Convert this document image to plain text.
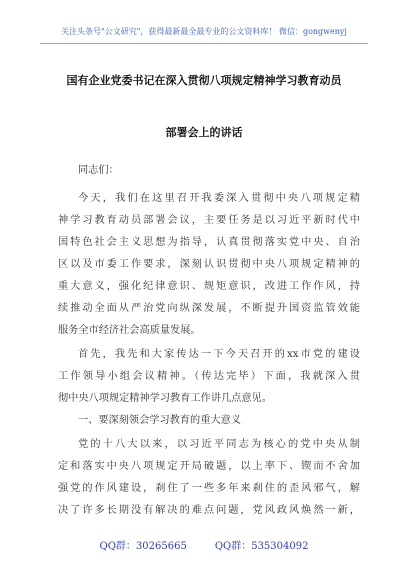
关注头条号"公文研究"，获得最新最全最专业的公文资料库！ 微信：gongwenyj
国有企业党委书记在深入贯彻八项规定精神学习教育动员
部署会上的讲话
同志们：
今天，我们在这里召开我委深入贯彻中央八项规定精
神学习教育动员部署会议，主要任务是以习近平新时代中
国特色社会主义思想为指导，认真贯彻落实党中央、自治
区以及市委工作要求，深刻认识贯彻中央八项规定精神的
重大意义，强化纪律意识、规矩意识，改进工作作风，持
续推动全面从严治党向纵深发展，不断提升国资监管效能
服务全市经济社会高质量发展。
首先，我先和大家传达一下今天召开的xx市党的建设
工作领导小组会议精神。（传达完毕）下面，我就深入贯
彻中央八项规定精神学习教育工作讲几点意见。
一、要深刻领会学习教育的重大意义
党的十八大以来，以习近平同志为核心的党中央从制
定和落实中央八项规定开局破题，以上率下、锲而不舍加
强党的作风建设，刹住了一些多年来刹住的歪风邪气，解
决了许多长期没有解决的难点问题，党风政风焕然一新，
QQ群：30265665	QQ群：535304092
